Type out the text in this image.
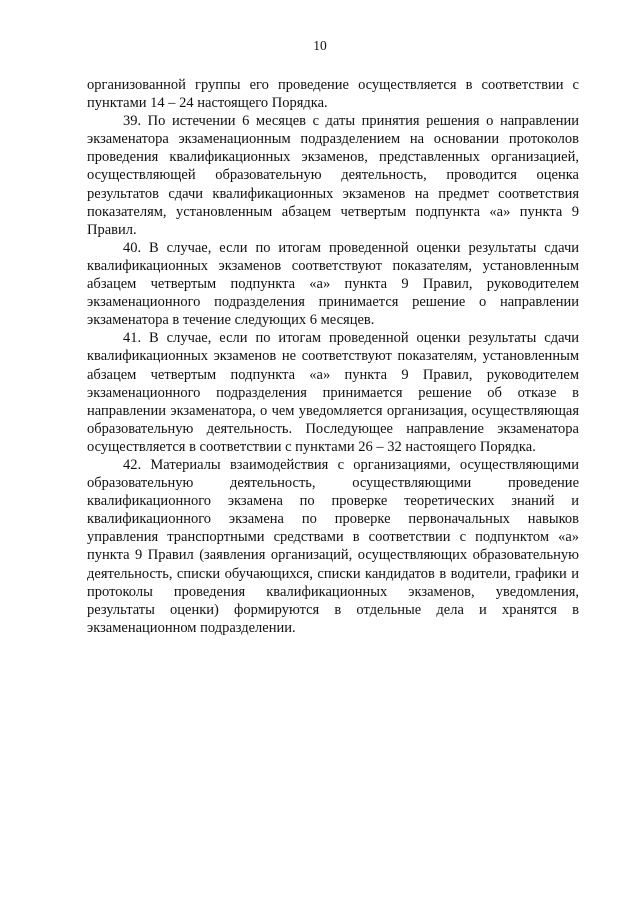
10

организованной группы его проведение осуществляется в соответствии с пунктами 14 – 24 настоящего Порядка.

39. По истечении 6 месяцев с даты принятия решения о направлении экзаменатора экзаменационным подразделением на основании протоколов проведения квалификационных экзаменов, представленных организацией, осуществляющей образовательную деятельность, проводится оценка результатов сдачи квалификационных экзаменов на предмет соответствия показателям, установленным абзацем четвертым подпункта «а» пункта 9 Правил.

40. В случае, если по итогам проведенной оценки результаты сдачи квалификационных экзаменов соответствуют показателям, установленным абзацем четвертым подпункта «а» пункта 9 Правил, руководителем экзаменационного подразделения принимается решение о направлении экзаменатора в течение следующих 6 месяцев.

41. В случае, если по итогам проведенной оценки результаты сдачи квалификационных экзаменов не соответствуют показателям, установленным абзацем четвертым подпункта «а» пункта 9 Правил, руководителем экзаменационного подразделения принимается решение об отказе в направлении экзаменатора, о чем уведомляется организация, осуществляющая образовательную деятельность. Последующее направление экзаменатора осуществляется в соответствии с пунктами 26 – 32 настоящего Порядка.

42. Материалы взаимодействия с организациями, осуществляющими образовательную деятельность, осуществляющими проведение квалификационного экзамена по проверке теоретических знаний и квалификационного экзамена по проверке первоначальных навыков управления транспортными средствами в соответствии с подпунктом «а» пункта 9 Правил (заявления организаций, осуществляющих образовательную деятельность, списки обучающихся, списки кандидатов в водители, графики и протоколы проведения квалификационных экзаменов, уведомления, результаты оценки) формируются в отдельные дела и хранятся в экзаменационном подразделении.
